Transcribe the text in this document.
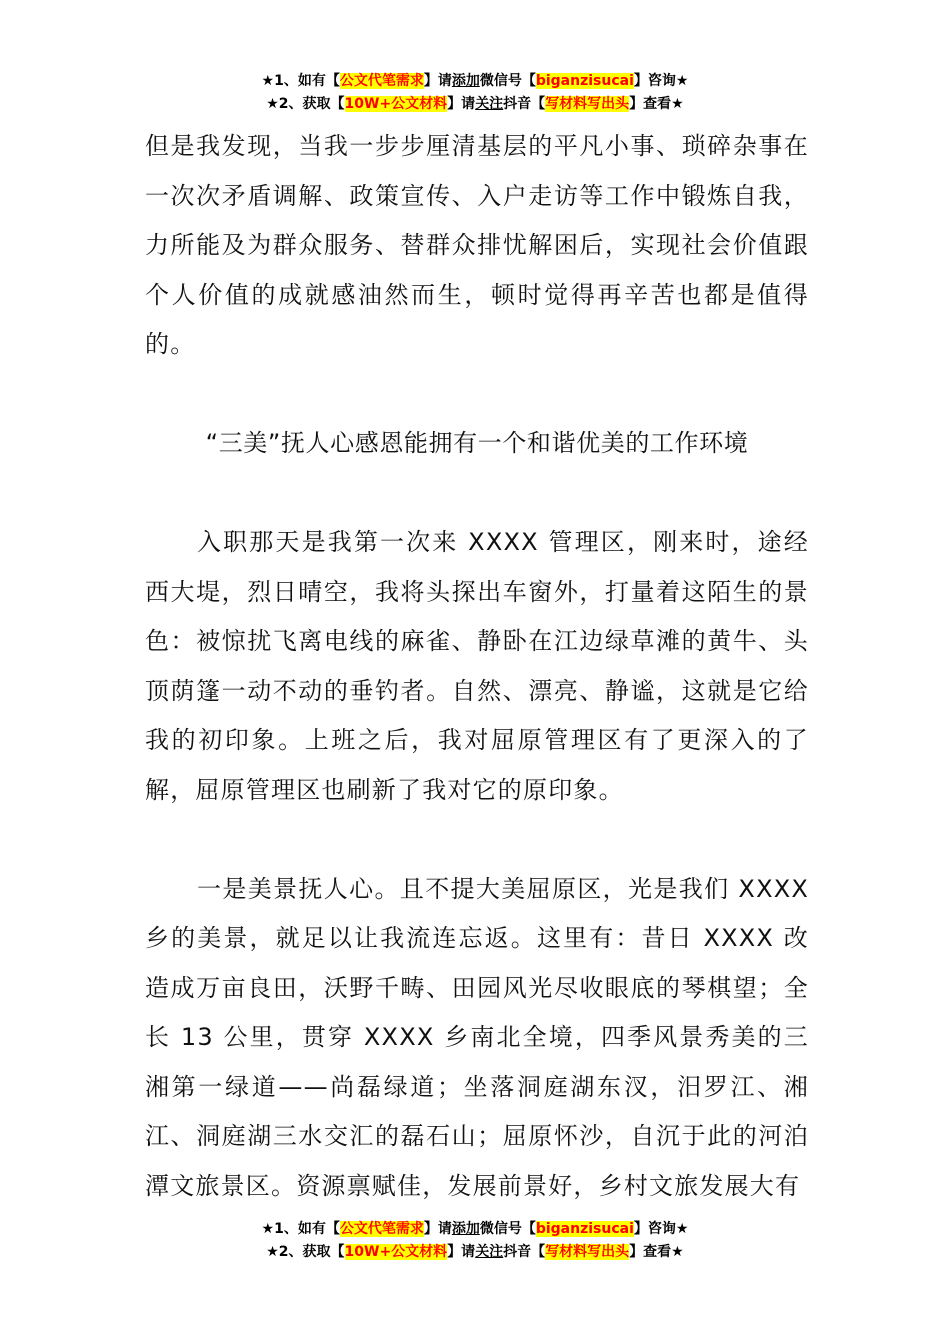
★1、如有【公文代笔需求】请添加微信号【biganzisucai】咨询★
★2、获取【10W+公文材料】请关注抖音【写材料写出头】查看★

但是我发现，当我一步步厘清基层的平凡小事、琐碎杂事在一次次矛盾调解、政策宣传、入户走访等工作中锻炼自我，力所能及为群众服务、替群众排忧解困后，实现社会价值跟个人价值的成就感油然而生，顿时觉得再辛苦也都是值得的。

“三美”抚人心感恩能拥有一个和谐优美的工作环境

入职那天是我第一次来 XXXX 管理区，刚来时，途经西大堤，烈日晴空，我将头探出车窗外，打量着这陌生的景色：被惊扰飞离电线的麻雀、静卧在江边绿草滩的黄牛、头顶荫篷一动不动的垂钓者。自然、漂亮、静谧，这就是它给我的初印象。上班之后，我对屈原管理区有了更深入的了解，屈原管理区也刷新了我对它的原印象。

一是美景抚人心。且不提大美屈原区，光是我们 XXXX 乡的美景，就足以让我流连忘返。这里有：昔日 XXXX 改造成万亩良田，沃野千畴、田园风光尽收眼底的琴棋望；全长 13 公里，贯穿 XXXX 乡南北全境，四季风景秀美的三湘第一绿道——尚磊绿道；坐落洞庭湖东汊，汨罗江、湘江、洞庭湖三水交汇的磊石山；屈原怀沙，自沉于此的河泊潭文旅景区。资源禀赋佳，发展前景好，乡村文旅发展大有

★1、如有【公文代笔需求】请添加微信号【biganzisucai】咨询★
★2、获取【10W+公文材料】请关注抖音【写材料写出头】查看★
